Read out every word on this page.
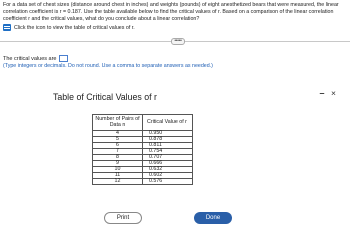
For a data set of chest sizes (distance around chest in inches) and weights (pounds) of eight anesthetized bears that were measured, the linear correlation coefficient is r = 0.187. Use the table available below to find the critical values of r. Based on a comparison of the linear correlation coefficient r and the critical values, what do you conclude about a linear correlation?
Click the icon to view the table of critical values of r.
•••••
The critical values are
(Type integers or decimals. Do not round. Use a comma to separate answers as needed.)
Table of Critical Values of r	– ×
Number of Pairs of Data n	Critical Value of r
4	0.950
5	0.878
6	0.811
7	0.754
8	0.707
9	0.666
10	0.632
11	0.602
12	0.576
Print	Done
